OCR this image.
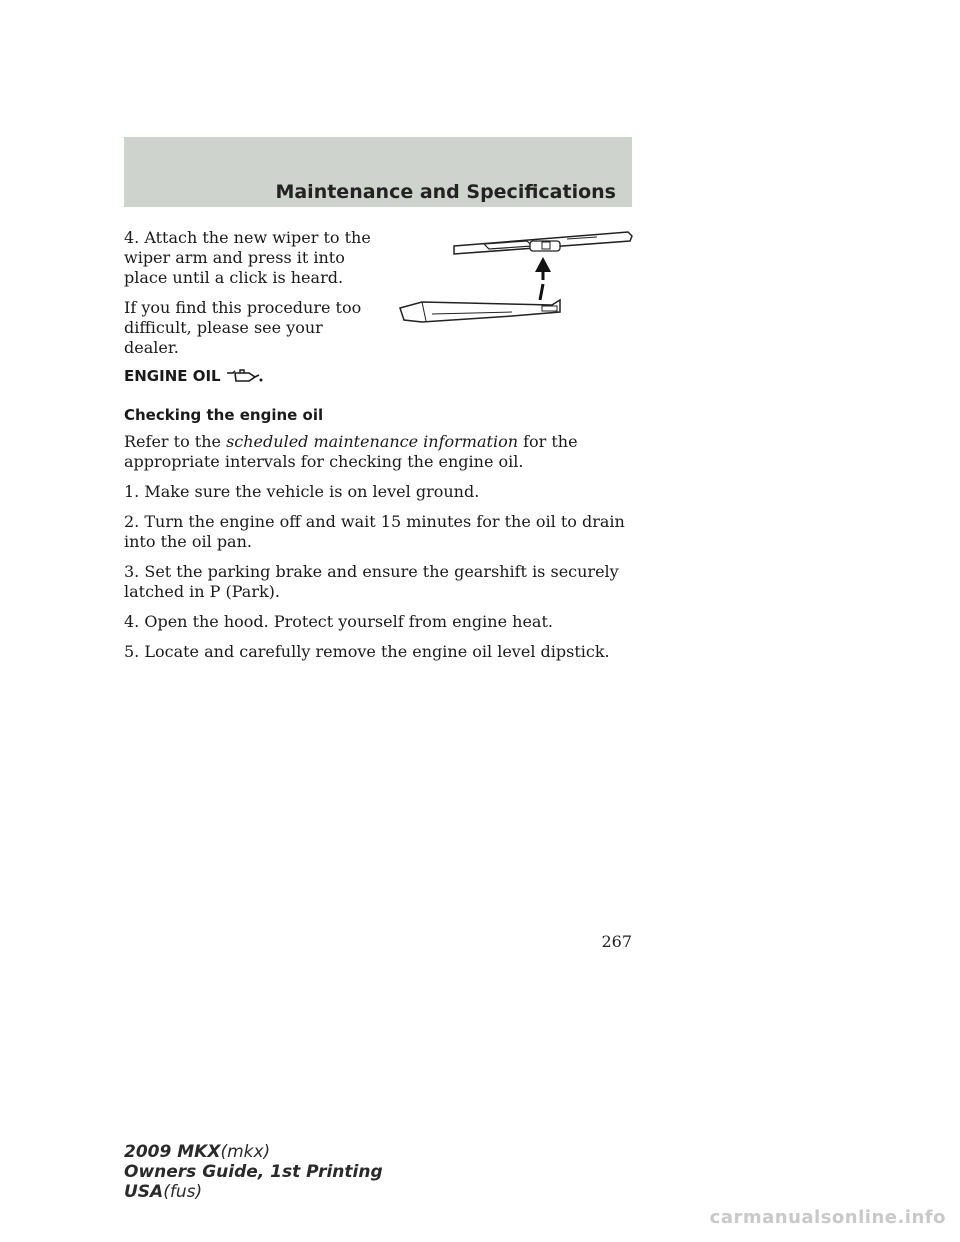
Maintenance and Specifications

4. Attach the new wiper to the wiper arm and press it into place until a click is heard.

If you find this procedure too difficult, please see your dealer.

ENGINE OIL
Checking the engine oil

Refer to the scheduled maintenance information for the appropriate intervals for checking the engine oil.

1. Make sure the vehicle is on level ground.

2. Turn the engine off and wait 15 minutes for the oil to drain into the oil pan.

3. Set the parking brake and ensure the gearshift is securely latched in P (Park).

4. Open the hood. Protect yourself from engine heat.

5. Locate and carefully remove the engine oil level dipstick.

267
2009 MKX(mkx)
Owners Guide, 1st Printing
USA(fus)
carmanualsonline.info
